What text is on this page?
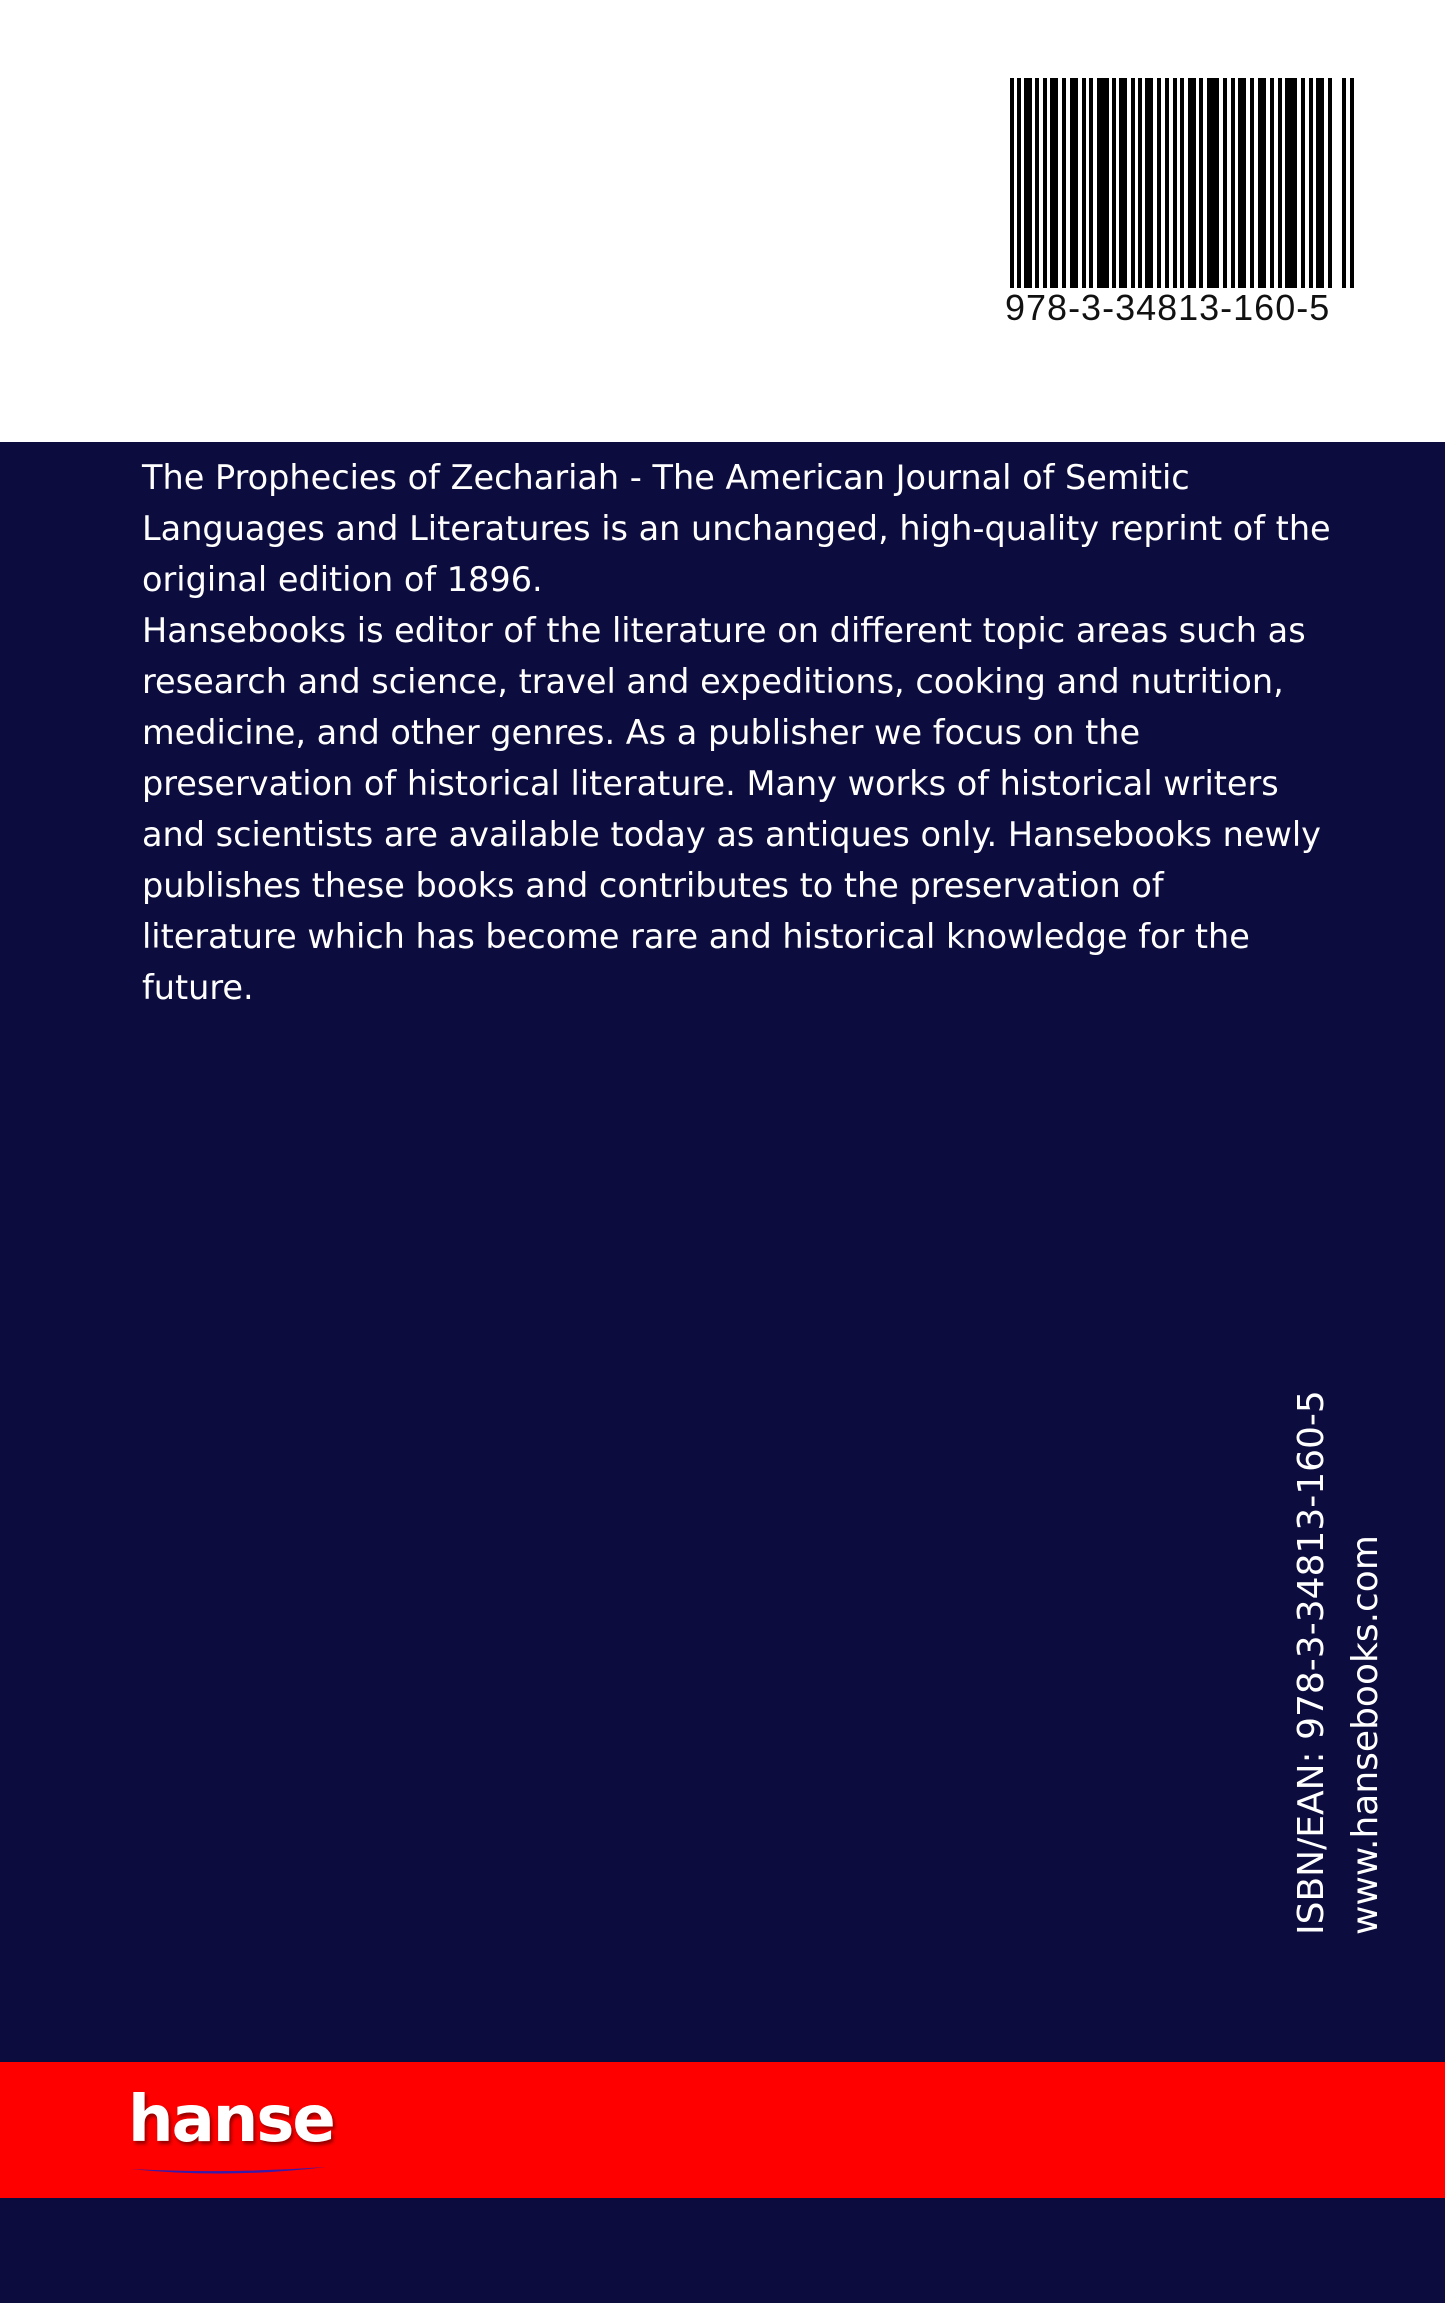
978-3-34813-160-5

The Prophecies of Zechariah - The American Journal of Semitic

Languages and Literatures is an unchanged, high-quality reprint of the

original edition of 1896.

Hansebooks is editor of the literature on different topic areas such as

research and science, travel and expeditions, cooking and nutrition,

medicine, and other genres. As a publisher we focus on the

preservation of historical literature. Many works of historical writers

and scientists are available today as antiques only. Hansebooks newly

publishes these books and contributes to the preservation of

literature which has become rare and historical knowledge for the

future.

ISBN/EAN: 978-3-34813-160-5 www.hansebooks.com
hanse
